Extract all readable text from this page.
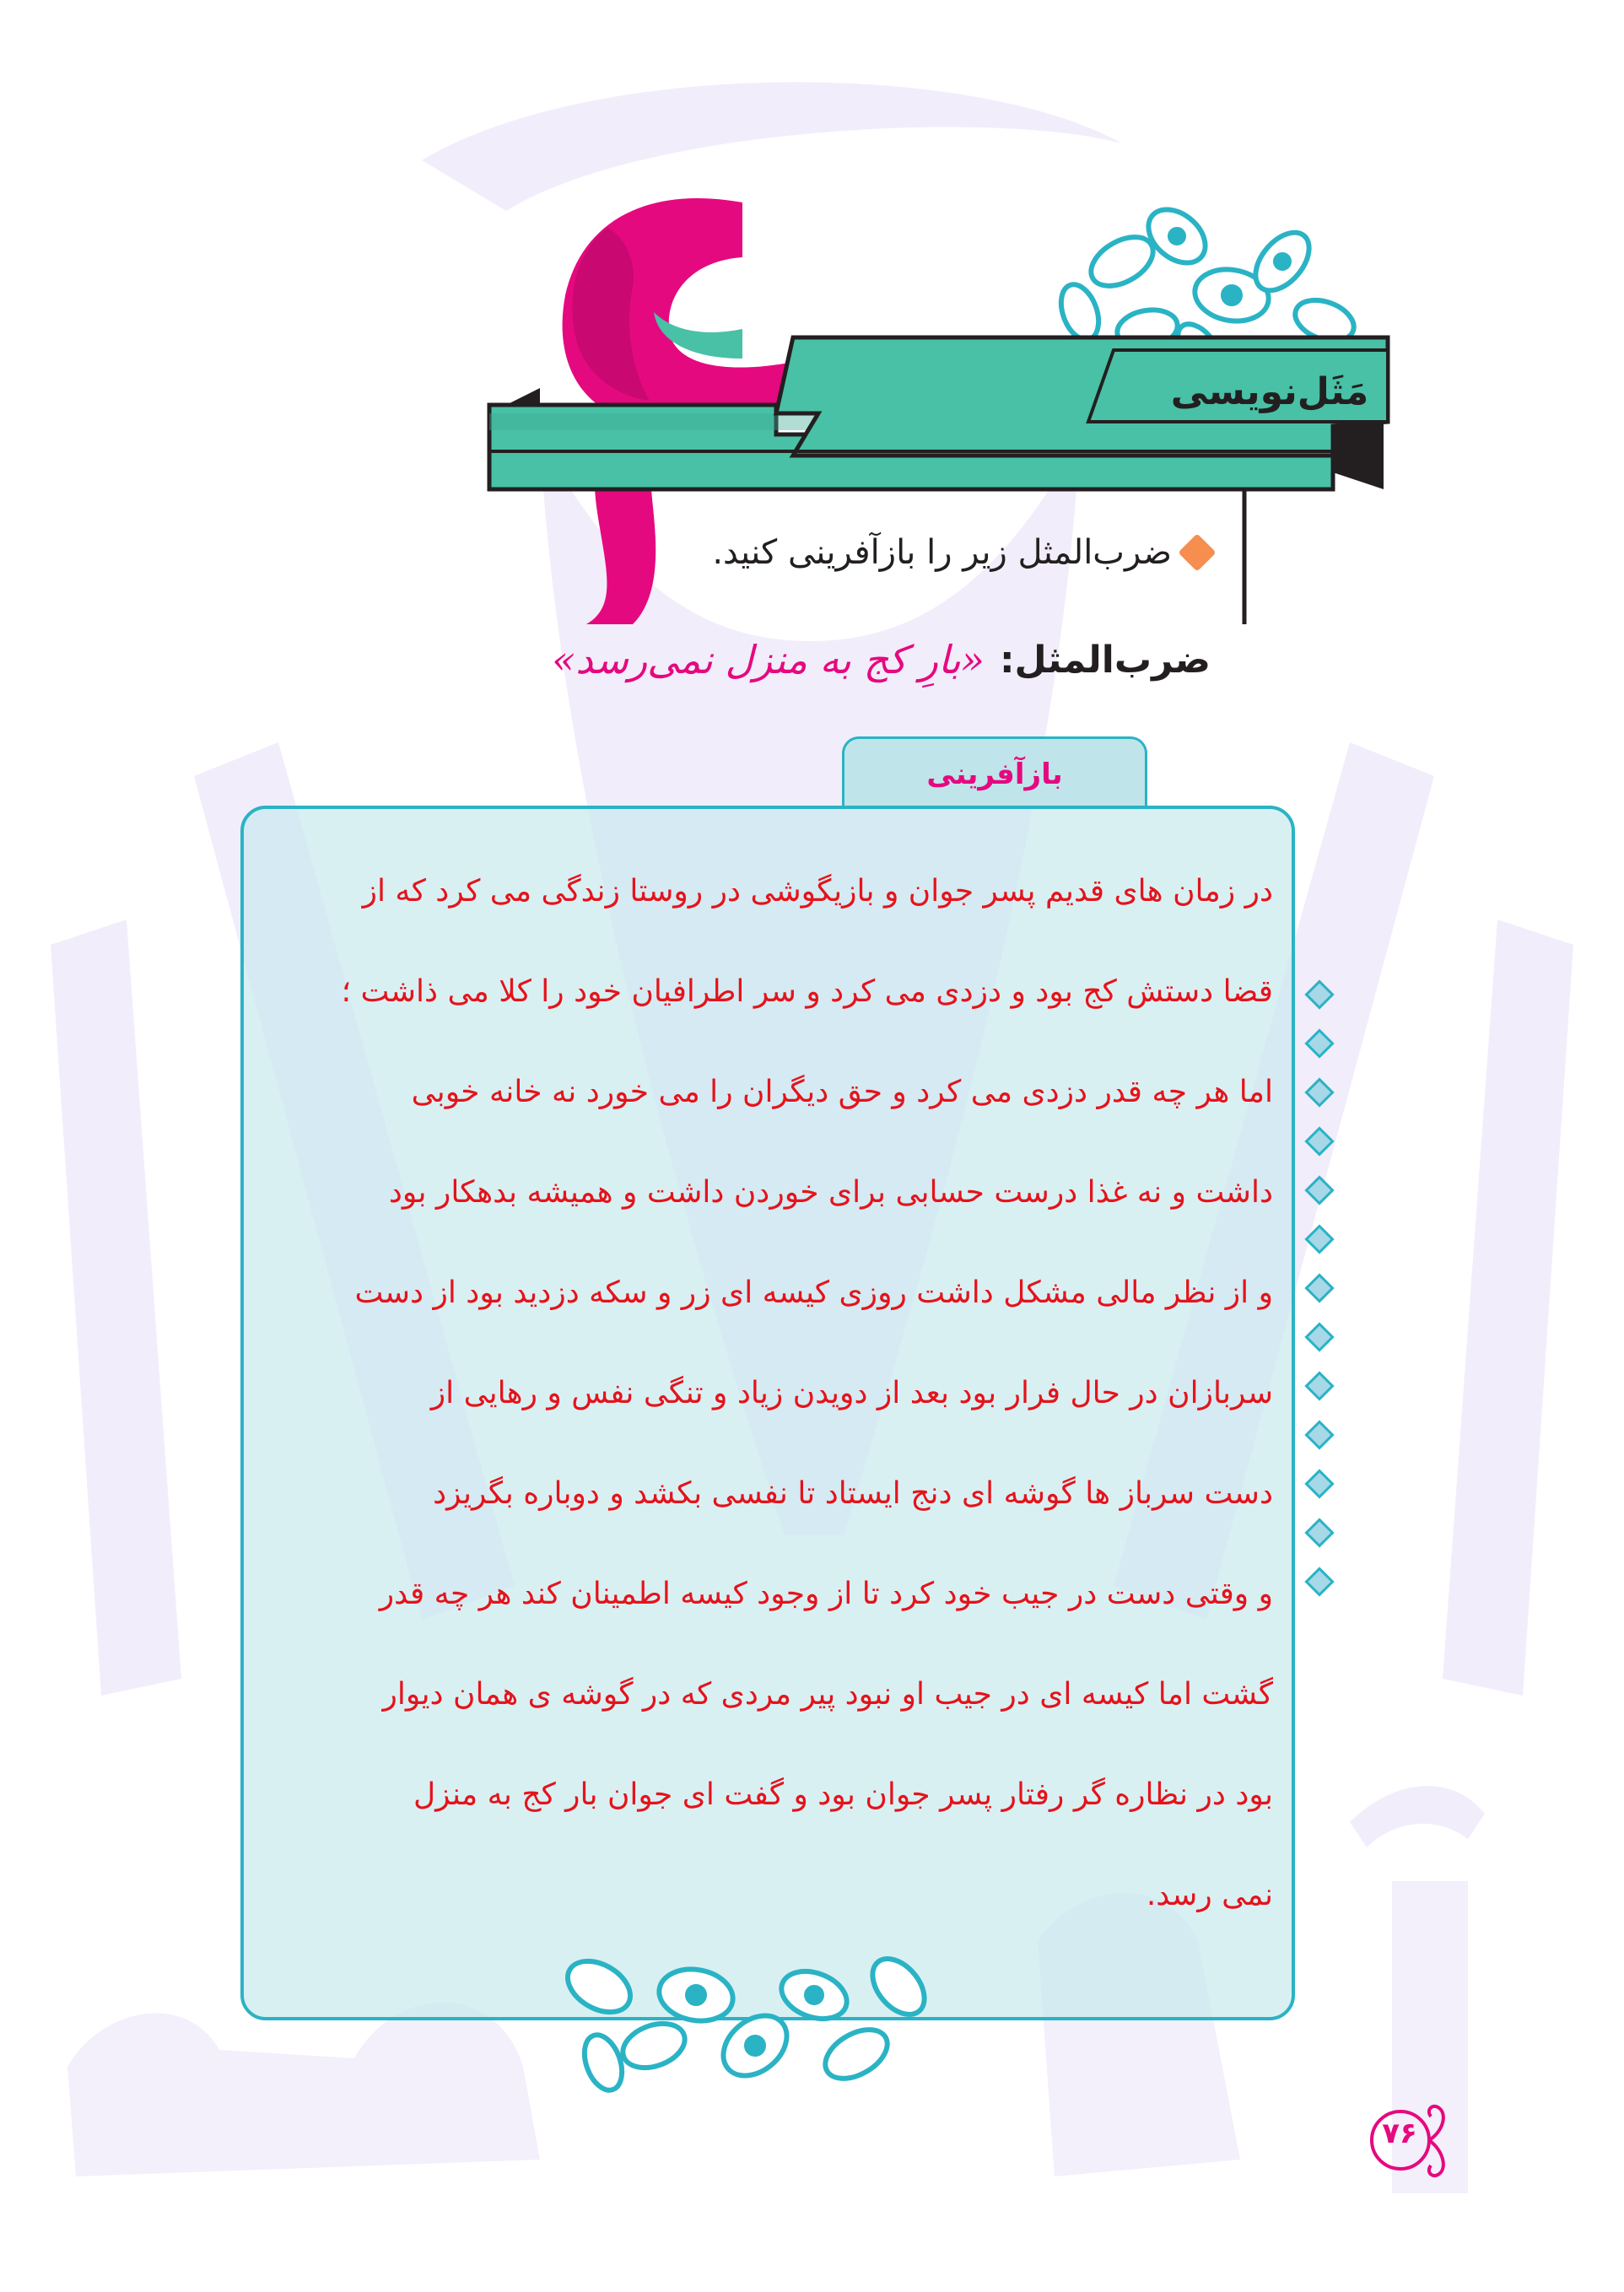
مَثَل‌نویسی
ضرب‌المثل زیر را بازآفرینی کنید.
ضرب‌المثل:
«بارِ کج به منزل نمی‌رسد»
بازآفرینی
در زمان های قدیم پسر جوان و بازیگوشی در روستا زندگی می کرد که از
قضا دستش کج بود و دزدی می کرد و سر اطرافیان خود را کلا می ذاشت ؛
اما هر چه قدر دزدی می کرد و حق دیگران را می خورد نه خانه خوبی
داشت و نه غذا درست حسابی برای خوردن داشت و همیشه بدهکار بود
و از نظر مالی مشکل داشت روزی کیسه ای زر و سکه دزدید بود از دست
سربازان در حال فرار بود بعد از دویدن زیاد و تنگی نفس و رهایی از
دست سرباز ها گوشه ای دنج ایستاد تا نفسی بکشد و دوباره بگریزد
و وقتی دست در جیب خود کرد تا از وجود کیسه اطمینان کند هر چه قدر
گشت اما کیسه ای در جیب او نبود پیر مردی که در گوشه ی همان دیوار
بود در نظاره گر رفتار پسر جوان بود و گفت ای جوان بار کج به منزل
نمی رسد.
۷۶
